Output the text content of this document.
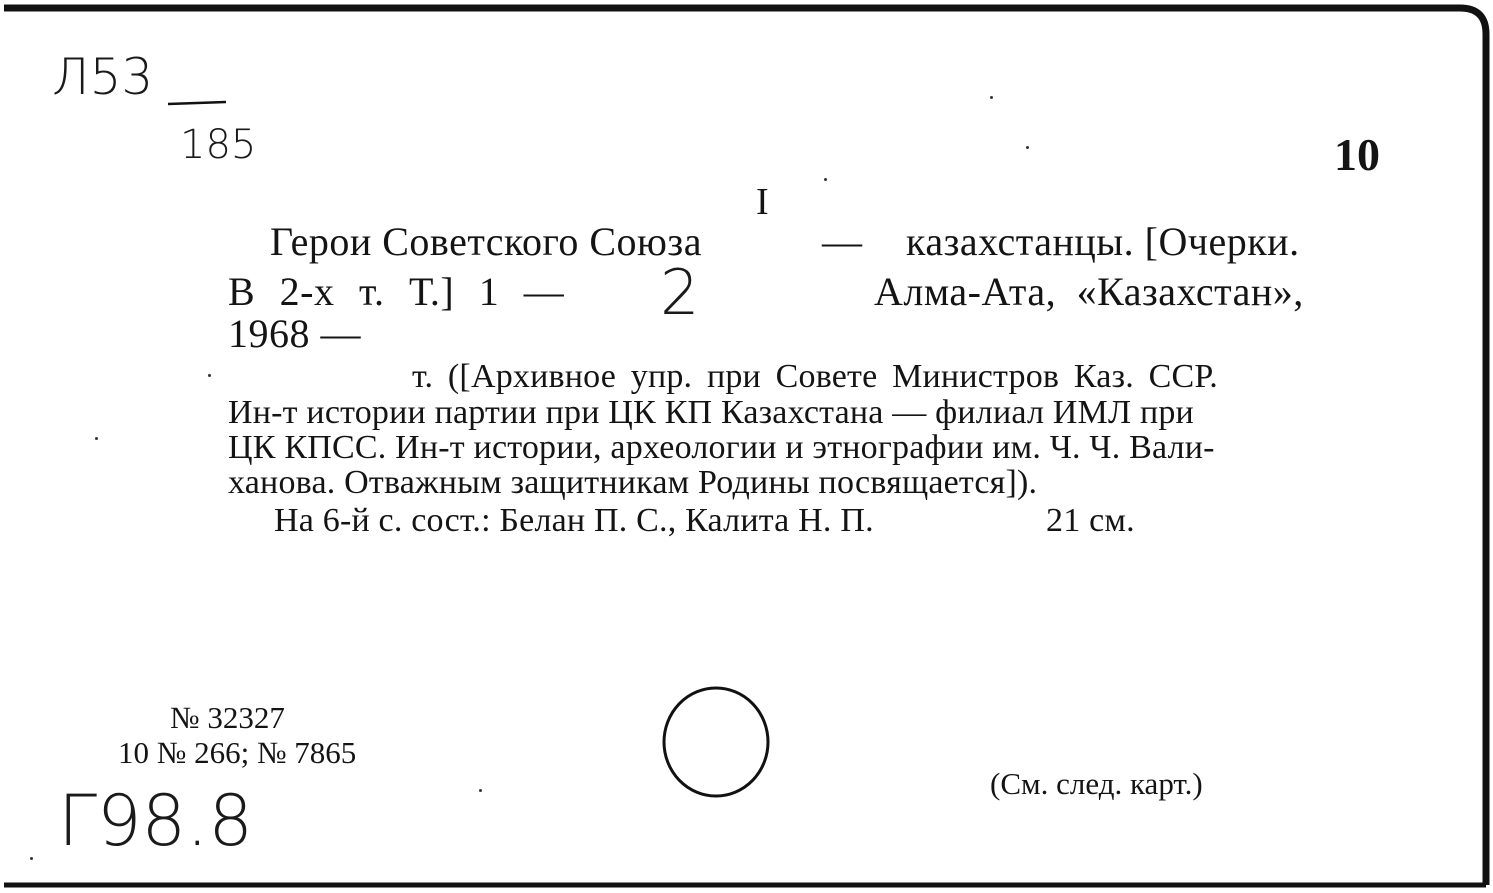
Л53
185	10
I
Герои Советского Союза	— казахстанцы. [Очерки.
В 2-х т. Т.] 1 — 2	Алма-Ата, «Казахстан»,
1968 —
т. ([Архивное упр. при Совете Министров Каз. ССР.
Ин-т истории партии при ЦК КП Казахстана — филиал ИМЛ при
ЦК КПСС. Ин-т истории, археологии и этнографии им. Ч. Ч. Вали-
ханова. Отважным защитникам Родины посвящается]).
На 6-й с. сост.: Белан П. С., Калита Н. П.	21 см.
№ 32327
10 № 266; № 7865
(См. след. карт.)
Г98.8
